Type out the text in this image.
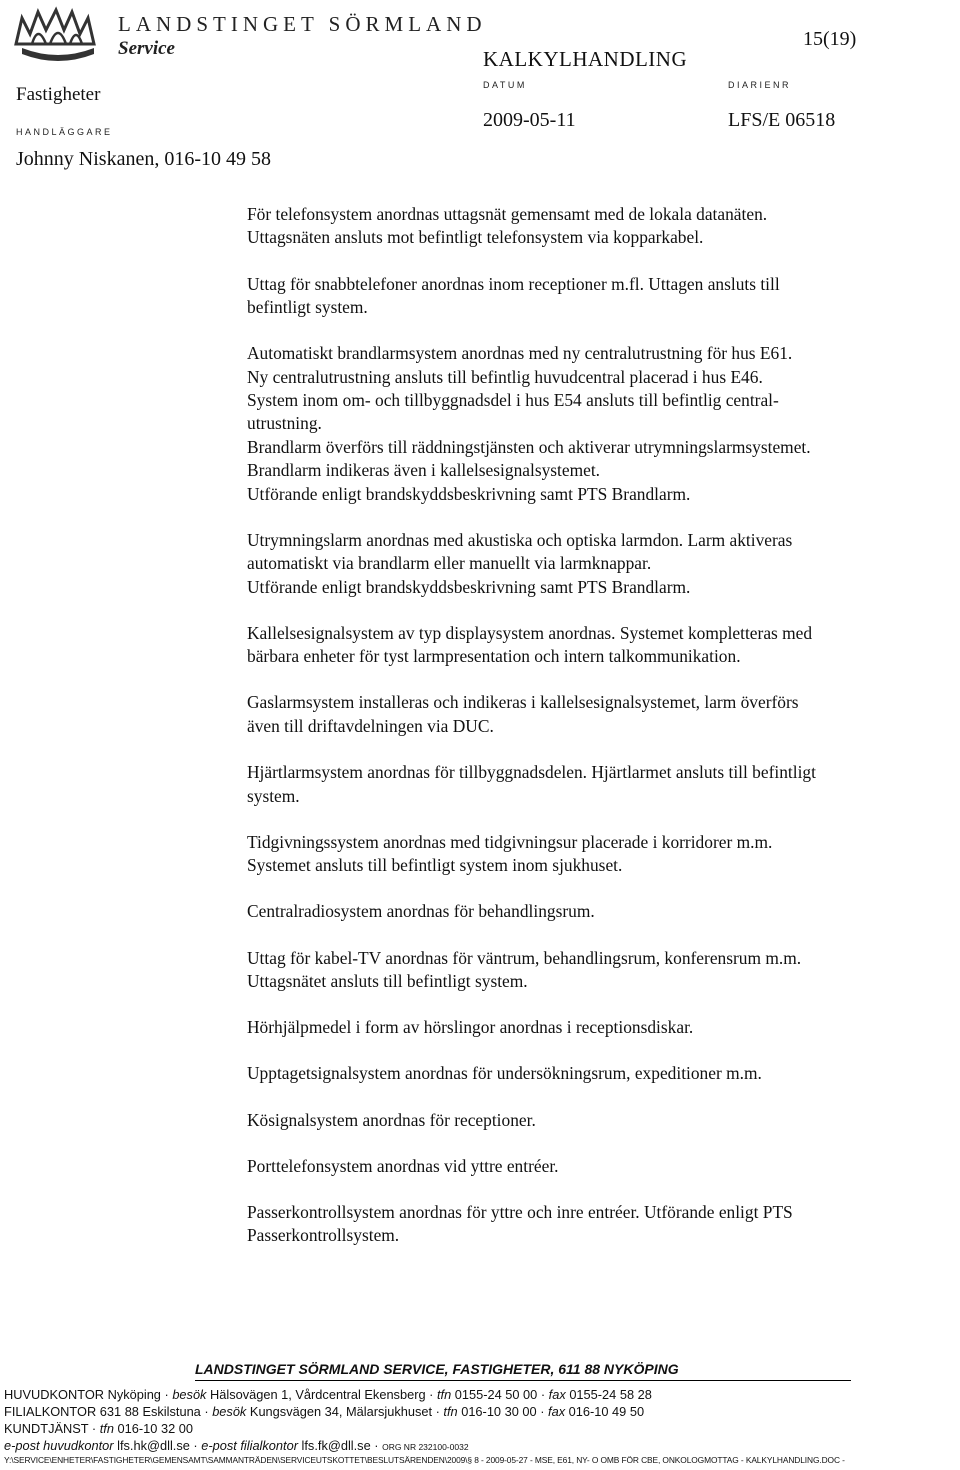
LANDSTINGET SÖRMLAND
Service	15(19)
KALKYLHANDLING
Fastigheter	DATUM	DIARIENR
2009-05-11	LFS/E 06518
HANDLÄGGARE
Johnny Niskanen, 016-10 49 58

För telefonsystem anordnas uttagsnät gemensamt med de lokala datanäten.
Uttagsnäten ansluts mot befintligt telefonsystem via kopparkabel.

Uttag för snabbtelefoner anordnas inom receptioner m.fl. Uttagen ansluts till
befintligt system.

Automatiskt brandlarmsystem anordnas med ny centralutrustning för hus E61.
Ny centralutrustning ansluts till befintlig huvudcentral placerad i hus E46.
System inom om- och tillbyggnadsdel i hus E54 ansluts till befintlig central-
utrustning.
Brandlarm överförs till räddningstjänsten och aktiverar utrymningslarmsystemet.
Brandlarm indikeras även i kallelsesignalsystemet.
Utförande enligt brandskyddsbeskrivning samt PTS Brandlarm.

Utrymningslarm anordnas med akustiska och optiska larmdon. Larm aktiveras
automatiskt via brandlarm eller manuellt via larmknappar.
Utförande enligt brandskyddsbeskrivning samt PTS Brandlarm.

Kallelsesignalsystem av typ displaysystem anordnas. Systemet kompletteras med
bärbara enheter för tyst larmpresentation och intern talkommunikation.

Gaslarmsystem installeras och indikeras i kallelsesignalsystemet, larm överförs
även till driftavdelningen via DUC.

Hjärtlarmsystem anordnas för tillbyggnadsdelen. Hjärtlarmet ansluts till befintligt
system.

Tidgivningssystem anordnas med tidgivningsur placerade i korridorer m.m.
Systemet ansluts till befintligt system inom sjukhuset.

Centralradiosystem anordnas för behandlingsrum.

Uttag för kabel-TV anordnas för väntrum, behandlingsrum, konferensrum m.m.
Uttagsnätet ansluts till befintligt system.

Hörhjälpmedel i form av hörslingor anordnas i receptionsdiskar.

Upptagetsignalsystem anordnas för undersökningsrum, expeditioner m.m.

Kösignalsystem anordnas för receptioner.

Porttelefonsystem anordnas vid yttre entréer.

Passerkontrollsystem anordnas för yttre och inre entréer. Utförande enligt PTS
Passerkontrollsystem.

LANDSTINGET SÖRMLAND SERVICE, FASTIGHETER, 611 88 NYKÖPING
HUVUDKONTOR Nyköping · besök Hälsovägen 1, Vårdcentral Ekensberg · tfn 0155-24 50 00 · fax 0155-24 58 28
FILIALKONTOR 631 88 Eskilstuna · besök Kungsvägen 34, Mälarsjukhuset · tfn 016-10 30 00 · fax 016-10 49 50
KUNDTJÄNST · tfn 016-10 32 00
e-post huvudkontor lfs.hk@dll.se · e-post filialkontor lfs.fk@dll.se · ORG NR 232100-0032
Y:\SERVICE\ENHETER\FASTIGHETER\GEMENSAMT\SAMMANTRÄDEN\SERVICEUTSKOTTET\BESLUTSÄRENDEN\2009\§ 8 - 2009-05-27 - MSE, E61, NY- O OMB FÖR CBE, ONKOLOGMOTTAG - KALKYLHANDLING.DOC -
